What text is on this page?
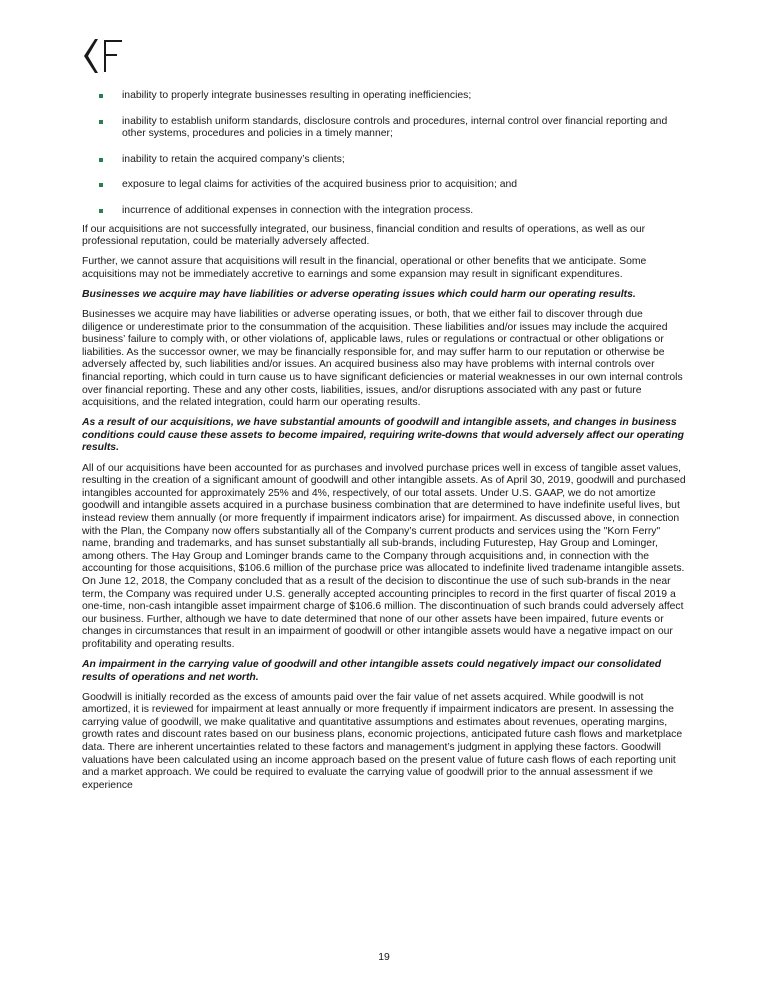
inability to properly integrate businesses resulting in operating inefficiencies;
inability to establish uniform standards, disclosure controls and procedures, internal control over financial reporting and other systems, procedures and policies in a timely manner;
inability to retain the acquired company’s clients;
exposure to legal claims for activities of the acquired business prior to acquisition; and
incurrence of additional expenses in connection with the integration process.

If our acquisitions are not successfully integrated, our business, financial condition and results of operations, as well as our professional reputation, could be materially adversely affected.

Further, we cannot assure that acquisitions will result in the financial, operational or other benefits that we anticipate. Some acquisitions may not be immediately accretive to earnings and some expansion may result in significant expenditures.

Businesses we acquire may have liabilities or adverse operating issues which could harm our operating results.

Businesses we acquire may have liabilities or adverse operating issues, or both, that we either fail to discover through due diligence or underestimate prior to the consummation of the acquisition. These liabilities and/or issues may include the acquired business’ failure to comply with, or other violations of, applicable laws, rules or regulations or contractual or other obligations or liabilities. As the successor owner, we may be financially responsible for, and may suffer harm to our reputation or otherwise be adversely affected by, such liabilities and/or issues. An acquired business also may have problems with internal controls over financial reporting, which could in turn cause us to have significant deficiencies or material weaknesses in our own internal controls over financial reporting. These and any other costs, liabilities, issues, and/or disruptions associated with any past or future acquisitions, and the related integration, could harm our operating results.

As a result of our acquisitions, we have substantial amounts of goodwill and intangible assets, and changes in business conditions could cause these assets to become impaired, requiring write-downs that would adversely affect our operating results.

All of our acquisitions have been accounted for as purchases and involved purchase prices well in excess of tangible asset values, resulting in the creation of a significant amount of goodwill and other intangible assets. As of April 30, 2019, goodwill and purchased intangibles accounted for approximately 25% and 4%, respectively, of our total assets. Under U.S. GAAP, we do not amortize goodwill and intangible assets acquired in a purchase business combination that are determined to have indefinite useful lives, but instead review them annually (or more frequently if impairment indicators arise) for impairment. As discussed above, in connection with the Plan, the Company now offers substantially all of the Company’s current products and services using the "Korn Ferry" name, branding and trademarks, and has sunset substantially all sub-brands, including Futurestep, Hay Group and Lominger, among others. The Hay Group and Lominger brands came to the Company through acquisitions and, in connection with the accounting for those acquisitions, $106.6 million of the purchase price was allocated to indefinite lived tradename intangible assets. On June 12, 2018, the Company concluded that as a result of the decision to discontinue the use of such sub-brands in the near term, the Company was required under U.S. generally accepted accounting principles to record in the first quarter of fiscal 2019 a one-time, non-cash intangible asset impairment charge of $106.6 million. The discontinuation of such brands could adversely affect our business. Further, although we have to date determined that none of our other assets have been impaired, future events or changes in circumstances that result in an impairment of goodwill or other intangible assets would have a negative impact on our profitability and operating results.

An impairment in the carrying value of goodwill and other intangible assets could negatively impact our consolidated results of operations and net worth.

Goodwill is initially recorded as the excess of amounts paid over the fair value of net assets acquired. While goodwill is not amortized, it is reviewed for impairment at least annually or more frequently if impairment indicators are present. In assessing the carrying value of goodwill, we make qualitative and quantitative assumptions and estimates about revenues, operating margins, growth rates and discount rates based on our business plans, economic projections, anticipated future cash flows and marketplace data. There are inherent uncertainties related to these factors and management’s judgment in applying these factors. Goodwill valuations have been calculated using an income approach based on the present value of future cash flows of each reporting unit and a market approach. We could be required to evaluate the carrying value of goodwill prior to the annual assessment if we experience

19
